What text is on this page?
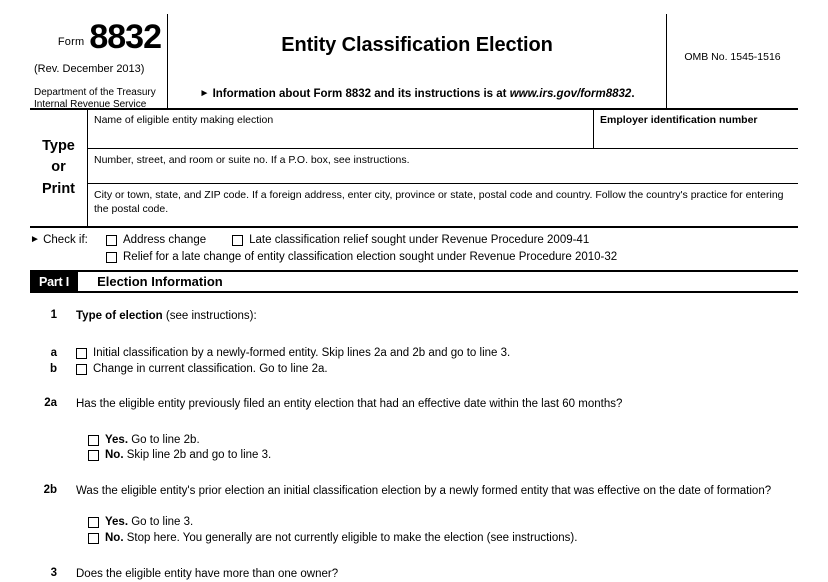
Form 8832
(Rev. December 2013)
Department of the Treasury
Internal Revenue Service
Entity Classification Election
► Information about Form 8832 and its instructions is at www.irs.gov/form8832.
OMB No. 1545-1516
Type
or
Print
Name of eligible entity making election	Employer identification number
Number, street, and room or suite no. If a P.O. box, see instructions.
City or town, state, and ZIP code. If a foreign address, enter city, province or state, postal code and country. Follow the country's practice for entering the postal code.
► Check if:	Address change	Late classification relief sought under Revenue Procedure 2009-41

Relief for a late change of entity classification election sought under Revenue Procedure 2010-32
Part I	Election Information
1	Type of election (see instructions):
a	Initial classification by a newly-formed entity. Skip lines 2a and 2b and go to line 3.
b	Change in current classification. Go to line 2a.
2a	Has the eligible entity previously filed an entity election that had an effective date within the last 60 months?
Yes. Go to line 2b.
No. Skip line 2b and go to line 3.
2b	Was the eligible entity's prior election an initial classification election by a newly formed entity that was effective on the date of formation?
Yes. Go to line 3.
No. Stop here. You generally are not currently eligible to make the election (see instructions).
3	Does the eligible entity have more than one owner?
